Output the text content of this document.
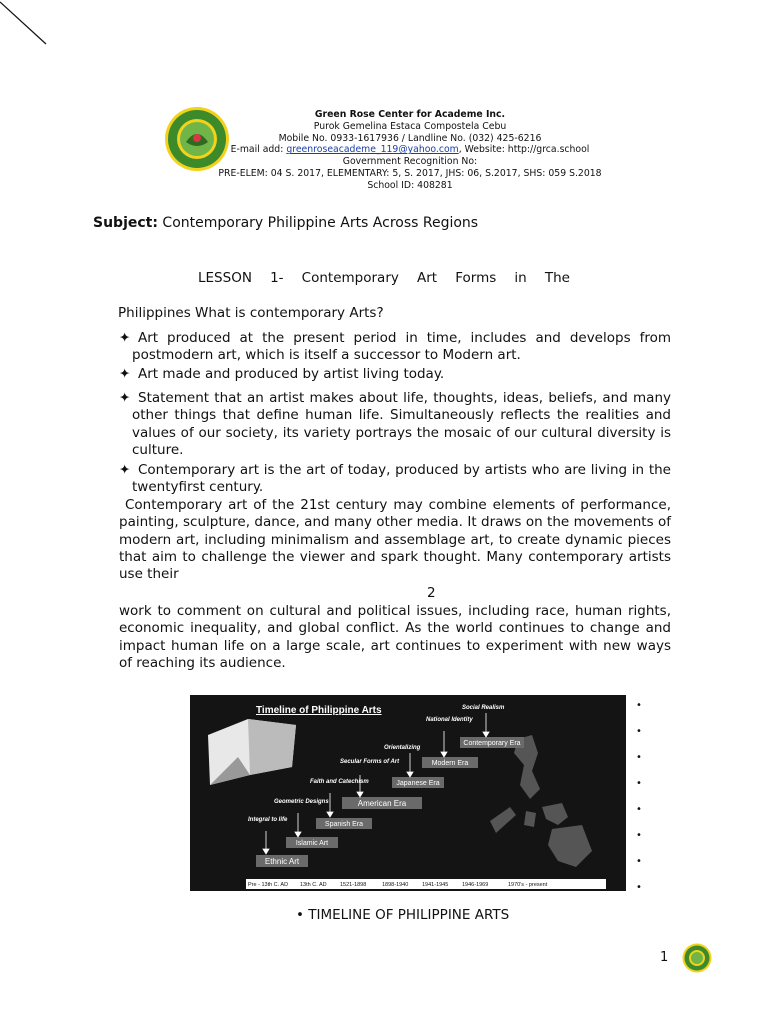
Green Rose Center for Academe Inc.
Purok Gemelina Estaca Compostela Cebu
Mobile No. 0933-1617936 / Landline No. (032) 425-6216
E-mail add: greenroseacademe_119@yahoo.com, Website: http://grca.school
Government Recognition No:
PRE-ELEM: 04 S. 2017, ELEMENTARY: 5, S. 2017, JHS: 06, S.2017, SHS: 059 S.2018
School ID: 408281
Subject: Contemporary Philippine Arts Across Regions
LESSON 1- Contemporary Art Forms in The
Philippines What is contemporary Arts?
✦ Art produced at the present period in time, includes and develops from postmodern art, which is itself a successor to Modern art.
✦ Art made and produced by artist living today.
✦ Statement that an artist makes about life, thoughts, ideas, beliefs, and many other things that define human life. Simultaneously reflects the realities and values of our society, its variety portrays the mosaic of our cultural diversity is culture.
✦ Contemporary art is the art of today, produced by artists who are living in the twentyfirst century.
Contemporary art of the 21st century may combine elements of performance, painting, sculpture, dance, and many other media. It draws on the movements of modern art, including minimalism and assemblage art, to create dynamic pieces that aim to challenge the viewer and spark thought. Many contemporary artists use their
2
work to comment on cultural and political issues, including race, human rights, economic inequality, and global conflict. As the world continues to change and impact human life on a large scale, art continues to experiment with new ways of reaching its audience.
Timeline of Philippine Arts
Ethnic Art
Islamic Art
Spanish Era
American Era
Japanese Era
Modern Era
Contemporary Era
Integral to life
Geometric Designs
Faith and Catechism
Secular Forms of Art
Orientalizing
National Identity
Social Realism
Pre - 13th C. AD 13th C. AD 1521-1898	1898-1940 1941-1945 1946-1969	1970's - present
•
•
•
•
•
•
•
•
• TIMELINE OF PHILIPPINE ARTS
1
